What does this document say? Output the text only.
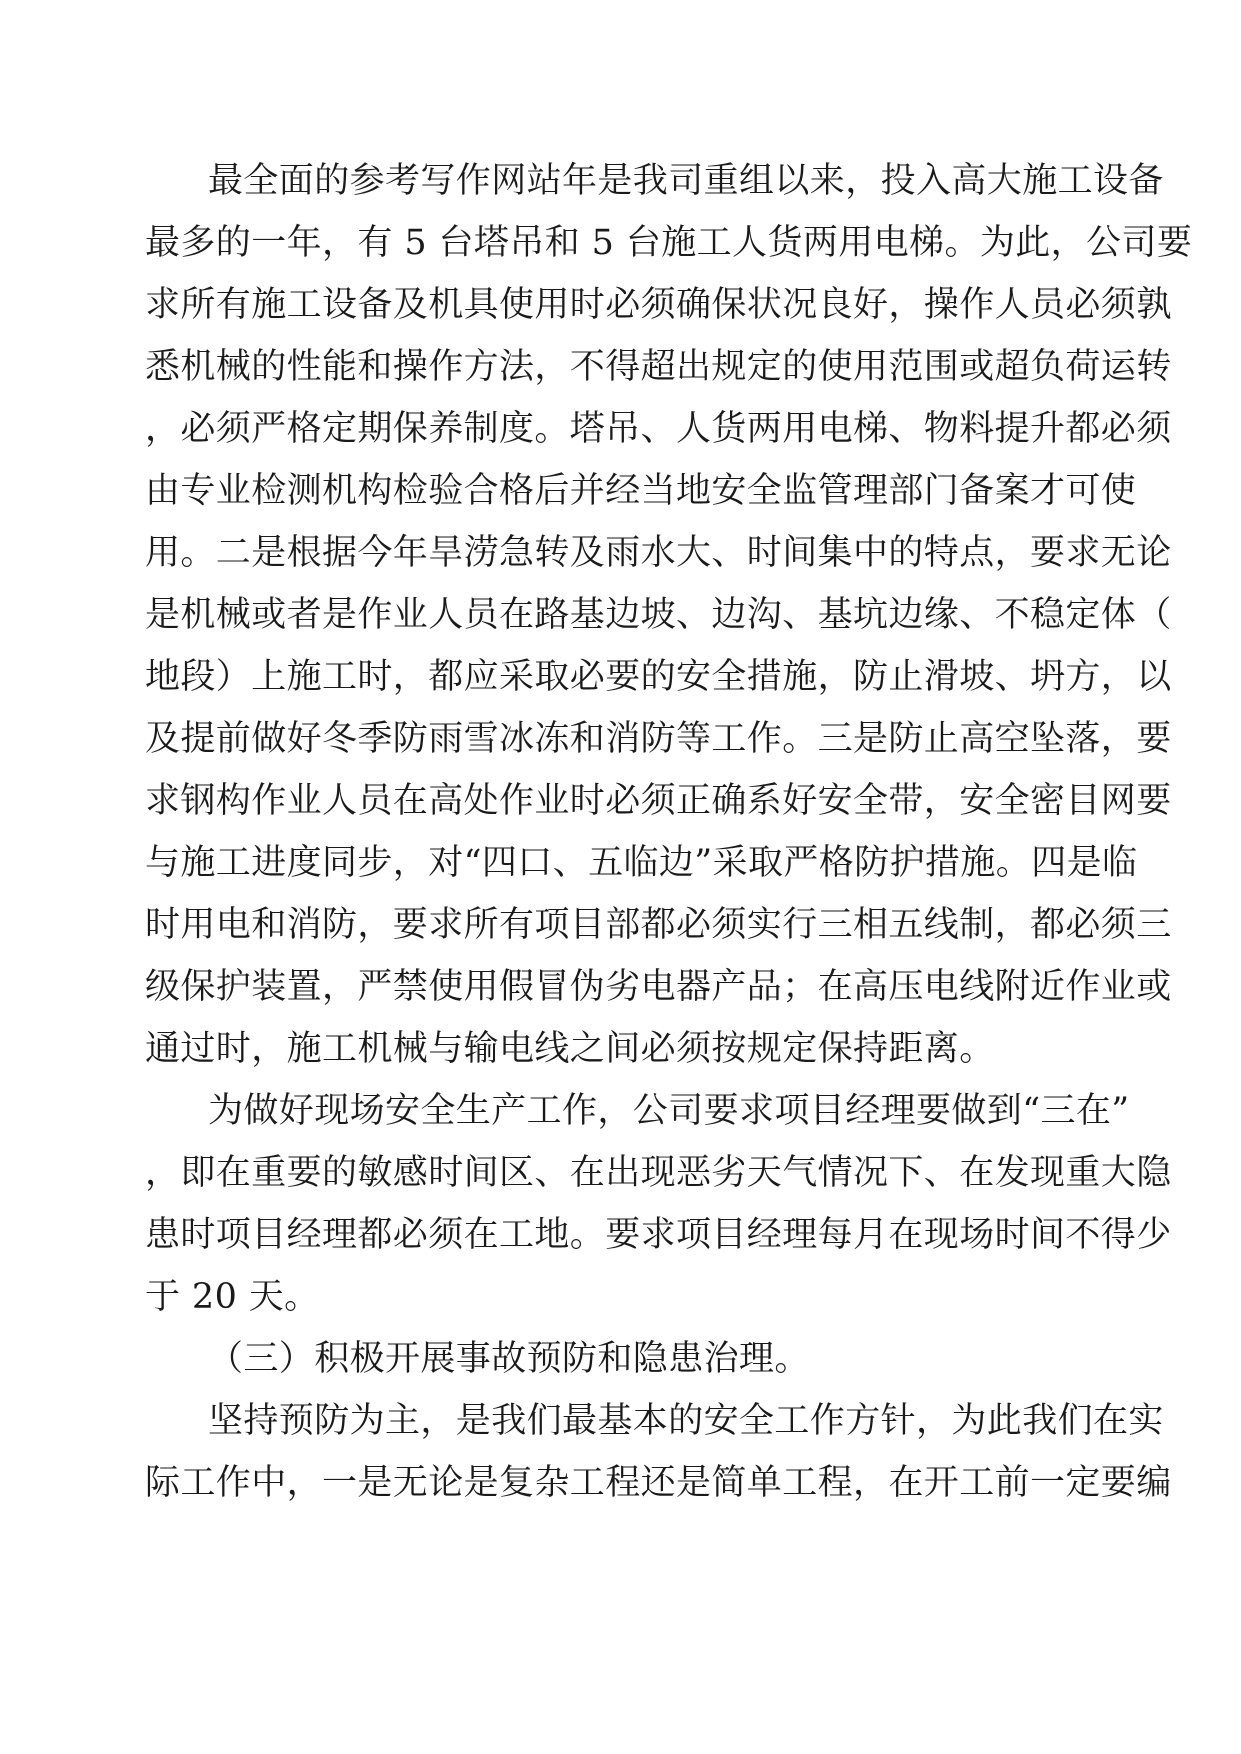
最全面的参考写作网站年是我司重组以来，投入高大施工设备
最多的一年，有 5 台塔吊和 5 台施工人货两用电梯。为此，公司要
求所有施工设备及机具使用时必须确保状况良好，操作人员必须孰
悉机械的性能和操作方法，不得超出规定的使用范围或超负荷运转
，必须严格定期保养制度。塔吊、人货两用电梯、物料提升都必须
由专业检测机构检验合格后并经当地安全监管理部门备案才可使
用。二是根据今年旱涝急转及雨水大、时间集中的特点，要求无论
是机械或者是作业人员在路基边坡、边沟、基坑边缘、不稳定体（
地段）上施工时，都应采取必要的安全措施，防止滑坡、坍方，以
及提前做好冬季防雨雪冰冻和消防等工作。三是防止高空坠落，要
求钢构作业人员在高处作业时必须正确系好安全带，安全密目网要
与施工进度同步，对“四口、五临边”采取严格防护措施。四是临
时用电和消防，要求所有项目部都必须实行三相五线制，都必须三
级保护装置，严禁使用假冒伪劣电器产品；在高压电线附近作业或
通过时，施工机械与输电线之间必须按规定保持距离。
为做好现场安全生产工作，公司要求项目经理要做到“三在”
，即在重要的敏感时间区、在出现恶劣天气情况下、在发现重大隐
患时项目经理都必须在工地。要求项目经理每月在现场时间不得少
于 20 天。
（三）积极开展事故预防和隐患治理。
坚持预防为主，是我们最基本的安全工作方针，为此我们在实
际工作中，一是无论是复杂工程还是简单工程，在开工前一定要编
